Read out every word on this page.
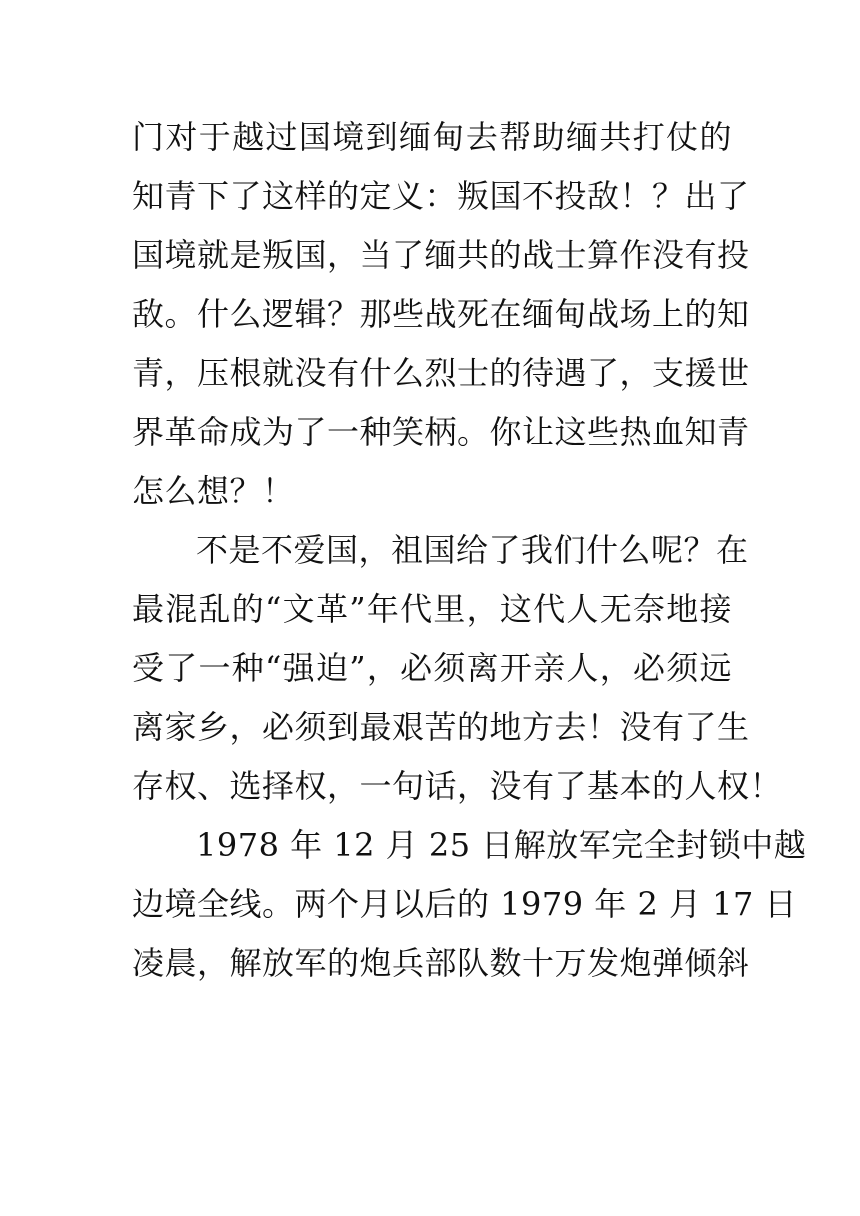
门对于越过国境到缅甸去帮助缅共打仗的
知青下了这样的定义：叛国不投敌！？出了
国境就是叛国，当了缅共的战士算作没有投
敌。什么逻辑？那些战死在缅甸战场上的知
青，压根就没有什么烈士的待遇了，支援世
界革命成为了一种笑柄。你让这些热血知青
怎么想？！
不是不爱国，祖国给了我们什么呢？在
最混乱的“文革”年代里，这代人无奈地接
受了一种“强迫”，必须离开亲人，必须远
离家乡，必须到最艰苦的地方去！没有了生
存权、选择权，一句话，没有了基本的人权！
1978 年 12 月 25 日解放军完全封锁中越
边境全线。两个月以后的 1979 年 2 月 17 日
凌晨，解放军的炮兵部队数十万发炮弹倾斜
